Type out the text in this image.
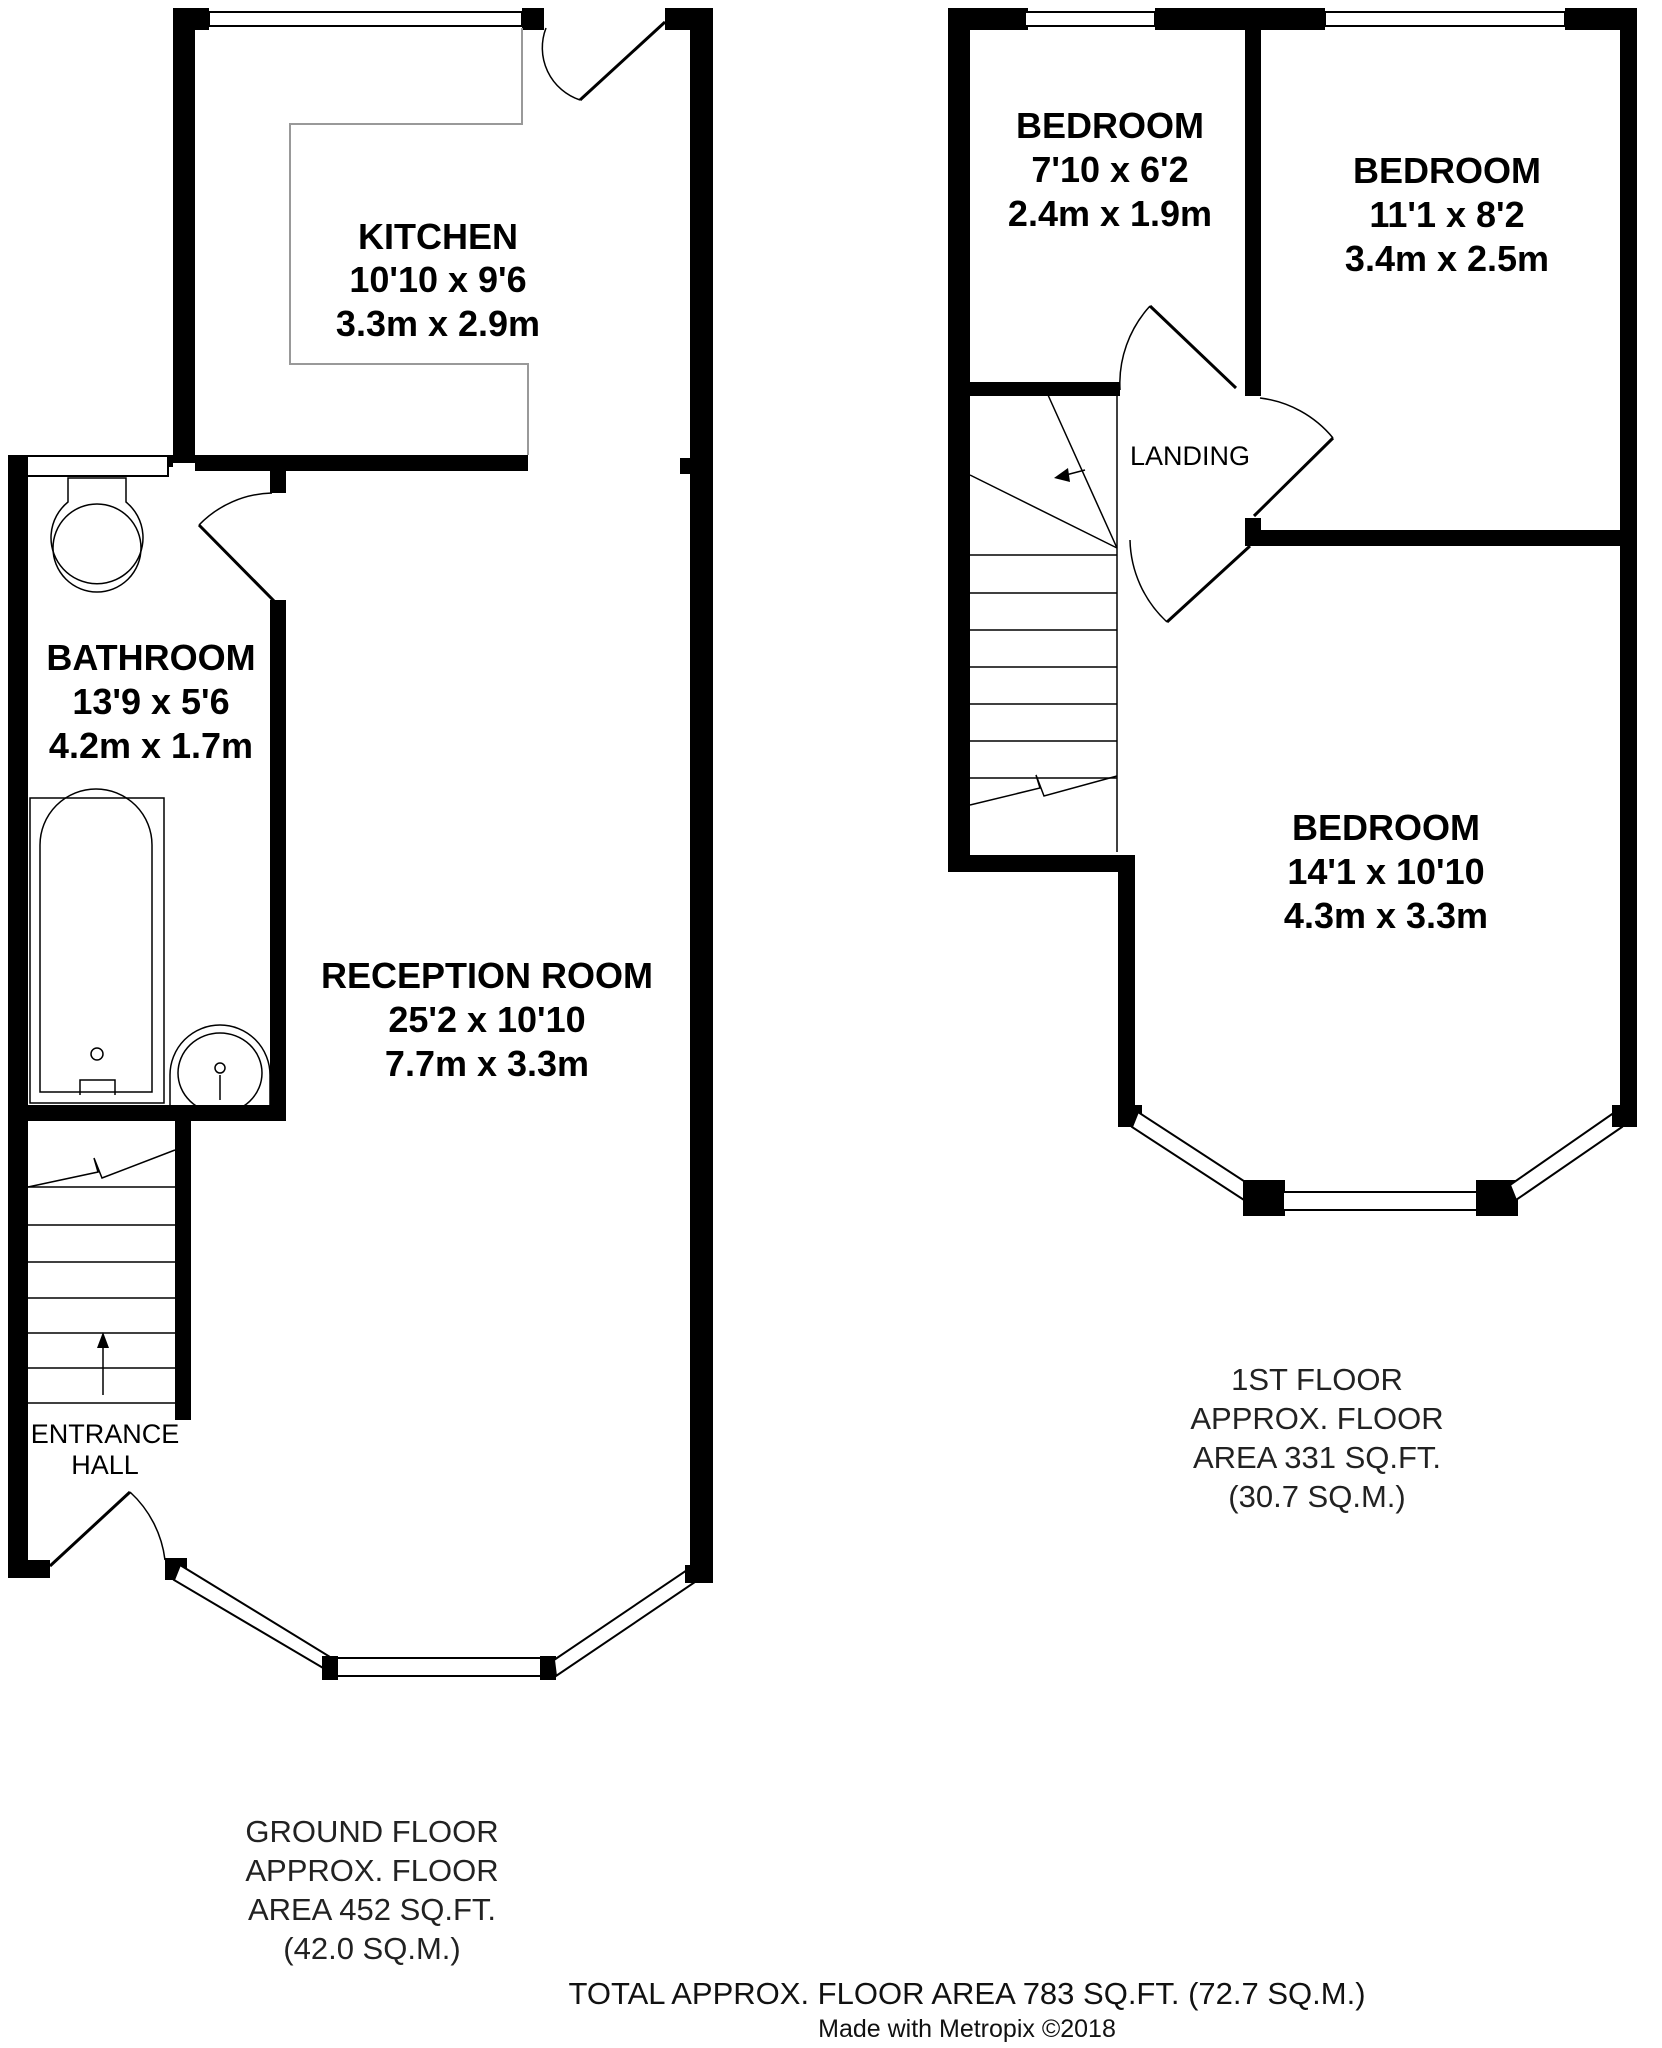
KITCHEN
10'10 x 9'6
3.3m x 2.9m
BATHROOM
13'9 x 5'6
4.2m x 1.7m
RECEPTION ROOM
25'2 x 10'10
7.7m x 3.3m
ENTRANCE
HALL
BEDROOM
7'10 x 6'2
2.4m x 1.9m
BEDROOM
11'1 x 8'2
3.4m x 2.5m
BEDROOM
14'1 x 10'10
4.3m x 3.3m
LANDING
1ST FLOOR
APPROX. FLOOR
AREA 331 SQ.FT.
(30.7 SQ.M.)
GROUND FLOOR
APPROX. FLOOR
AREA 452 SQ.FT.
(42.0 SQ.M.)
TOTAL APPROX. FLOOR AREA 783 SQ.FT. (72.7 SQ.M.)
Made with Metropix ©2018
